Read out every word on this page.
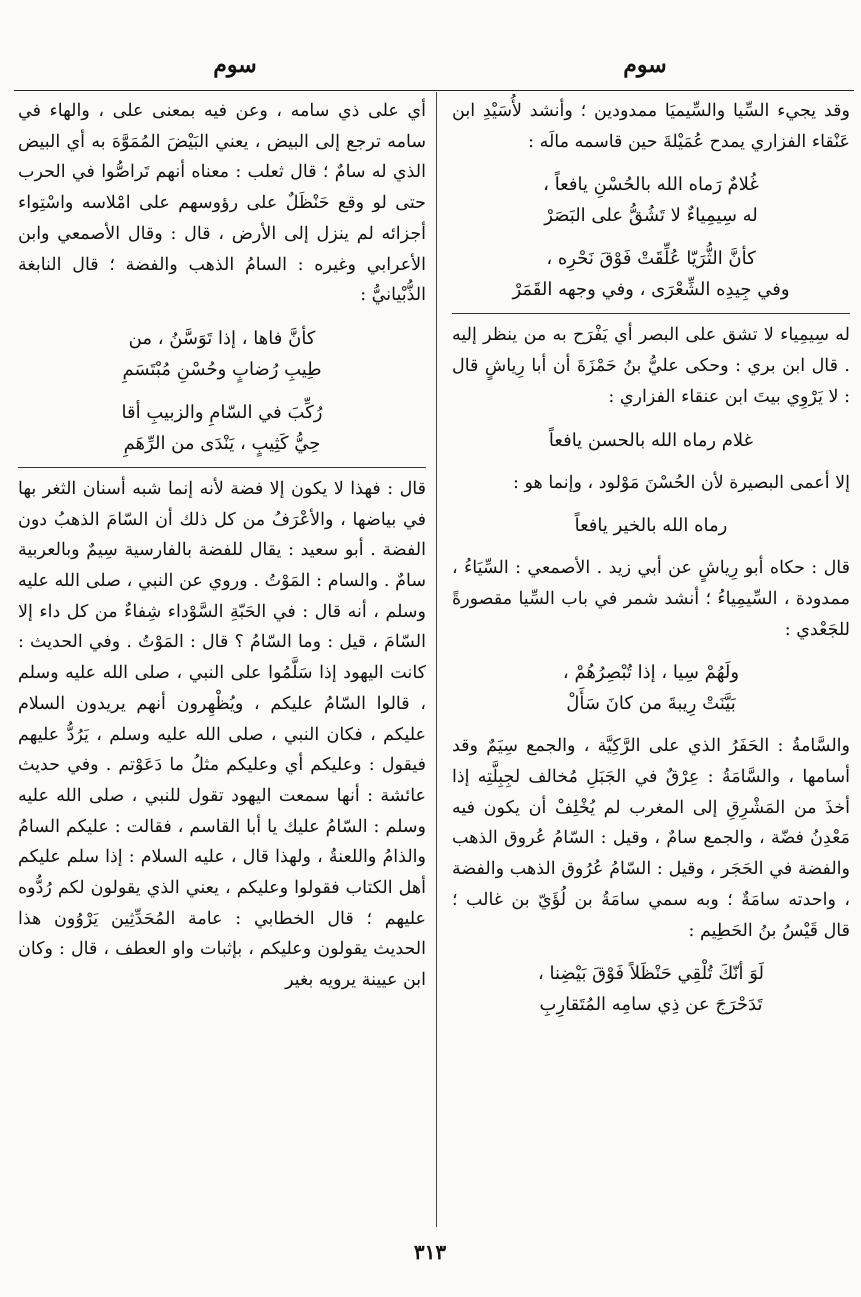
سوم
سوم

وقد يجيء السِّيا والسِّيميَا ممدودين ؛ وأنشد لأُسَيْدِ ابن عَنْقاء الفزاري يمدح عُمَيْلةَ حين قاسمه مالَه :

غُلامٌ رَماه الله بالحُسْنِ يافعاً ،
له سِيمِياءٌ لا تَشُقُّ على البَصَرْ
كأنَّ الثُّرَيّا عُلِّقَتْ فَوْقَ نَحْرِه ،
وفي جِيدِه الشِّعْرَى ، وفي وجهه القَمَرْ

له سِيمِياء لا تشق على البصر أي يَفْرَح به من ينظر إليه . قال ابن بري : وحكى عليُّ بنُ حَمْزَةَ أن أبا رِياشٍ قال : لا يَرْوِي بيتَ ابن عنقاء الفزاري :

غلام رماه الله بالحسن يافعاً

إلا أعمى البصيرة لأن الحُسْنَ مَوْلود ، وإنما هو :

رماه الله بالخير يافعاً

قال : حكاه أبو رِياشٍ عن أبي زيد . الأصمعي : السِّيَاءُ ، ممدودة ، السِّيمِياءُ ؛ أنشد شمر في باب السِّيا مقصورةً للجَعْدي :

ولَهُمْ سِيا ، إذا تُبْصِرُهُمْ ،
بَيَّنَتْ رِيبةَ من كانَ سَأَلْ

والسَّامةُ : الحَفَرُ الذي على الرَّكِيَّة ، والجمع سِيَمٌ وقد أسامها ، والسَّامَةُ : عِرْقٌ في الجَبَلِ مُخالف لجِبِلَّتِه إذا أخذَ من المَشْرِقِ إلى المغرب لم يُخْلِفْ أن يكون فيه مَعْدِنُ فضّة ، والجمع سامٌ ، وقيل : السّامُ عُروق الذهب والفضة في الحَجَر ، وقيل : السّامُ عُرُوق الذهب والفضة ، واحدته سامَةٌ ؛ وبه سمي سامَةُ بن لُؤَيّ بن غالب ؛ قال قَيْسُ بنُ الحَطِيم :

لَوَ أنّكَ تُلْقِي حَنْظَلاً فَوْقَ بَيْضِنا ،
تَدَحْرَجَ عن ذِي سامِه المُتَقارِبِ

أي على ذي سامه ، وعن فيه بمعنى على ، والهاء في سامه ترجع إلى البيض ، يعني البَيْضَ المُمَوَّهَ به أي البيض الذي له سامٌ ؛ قال ثعلب : معناه أنهم تَراصُّوا في الحرب حتى لو وقع حَنْظَلٌ على رؤوسهم على امْلاسه واسْتِواء أجزائه لم ينزل إلى الأرض ، قال : وقال الأصمعي وابن الأعرابي وغيره : السامُ الذهب والفضة ؛ قال النابغة الذُّبْيانيُّ :

كأنَّ فاها ، إذا تَوَسَّنُ ، من
طِيبِ رُضابٍ وحُسْنِ مُبْتَسَمِ
رُكِّبَ في السّامِ والزبيبِ أقا
حِيُّ كَثِيبٍ ، يَنْدَى من الرِّهَمِ

قال : فهذا لا يكون إلا فضة لأنه إنما شبه أسنان الثغر بها في بياضها ، والأعْرَفُ من كل ذلك أن السّامَ الذهبُ دون الفضة . أبو سعيد : يقال للفضة بالفارسية سِيمٌ وبالعربية سامٌ . والسام : المَوْتُ . وروي عن النبي ، صلى الله عليه وسلم ، أنه قال : في الحَبّةِ السَّوْداء شِفاءٌ من كل داء إلا السّامَ ، قيل : وما السّامُ ؟ قال : المَوْتُ . وفي الحديث : كانت اليهود إذا سَلَّمُوا على النبي ، صلى الله عليه وسلم ، قالوا السّامُ عليكم ، ويُظْهِرون أنهم يريدون السلام عليكم ، فكان النبي ، صلى الله عليه وسلم ، يَرُدُّ عليهم فيقول : وعليكم أي وعليكم مثلُ ما دَعَوْتم . وفي حديث عائشة : أنها سمعت اليهود تقول للنبي ، صلى الله عليه وسلم : السّامُ عليك يا أبا القاسم ، فقالت : عليكم السامُ والذامُ واللعنةُ ، ولهذا قال ، عليه السلام : إذا سلم عليكم أهل الكتاب فقولوا وعليكم ، يعني الذي يقولون لكم رُدُّوه عليهم ؛ قال الخطابي : عامة المُحَدِّثِين يَرْوُون هذا الحديث يقولون وعليكم ، بإثبات واو العطف ، قال : وكان ابن عيينة يرويه بغير

٣١٣
